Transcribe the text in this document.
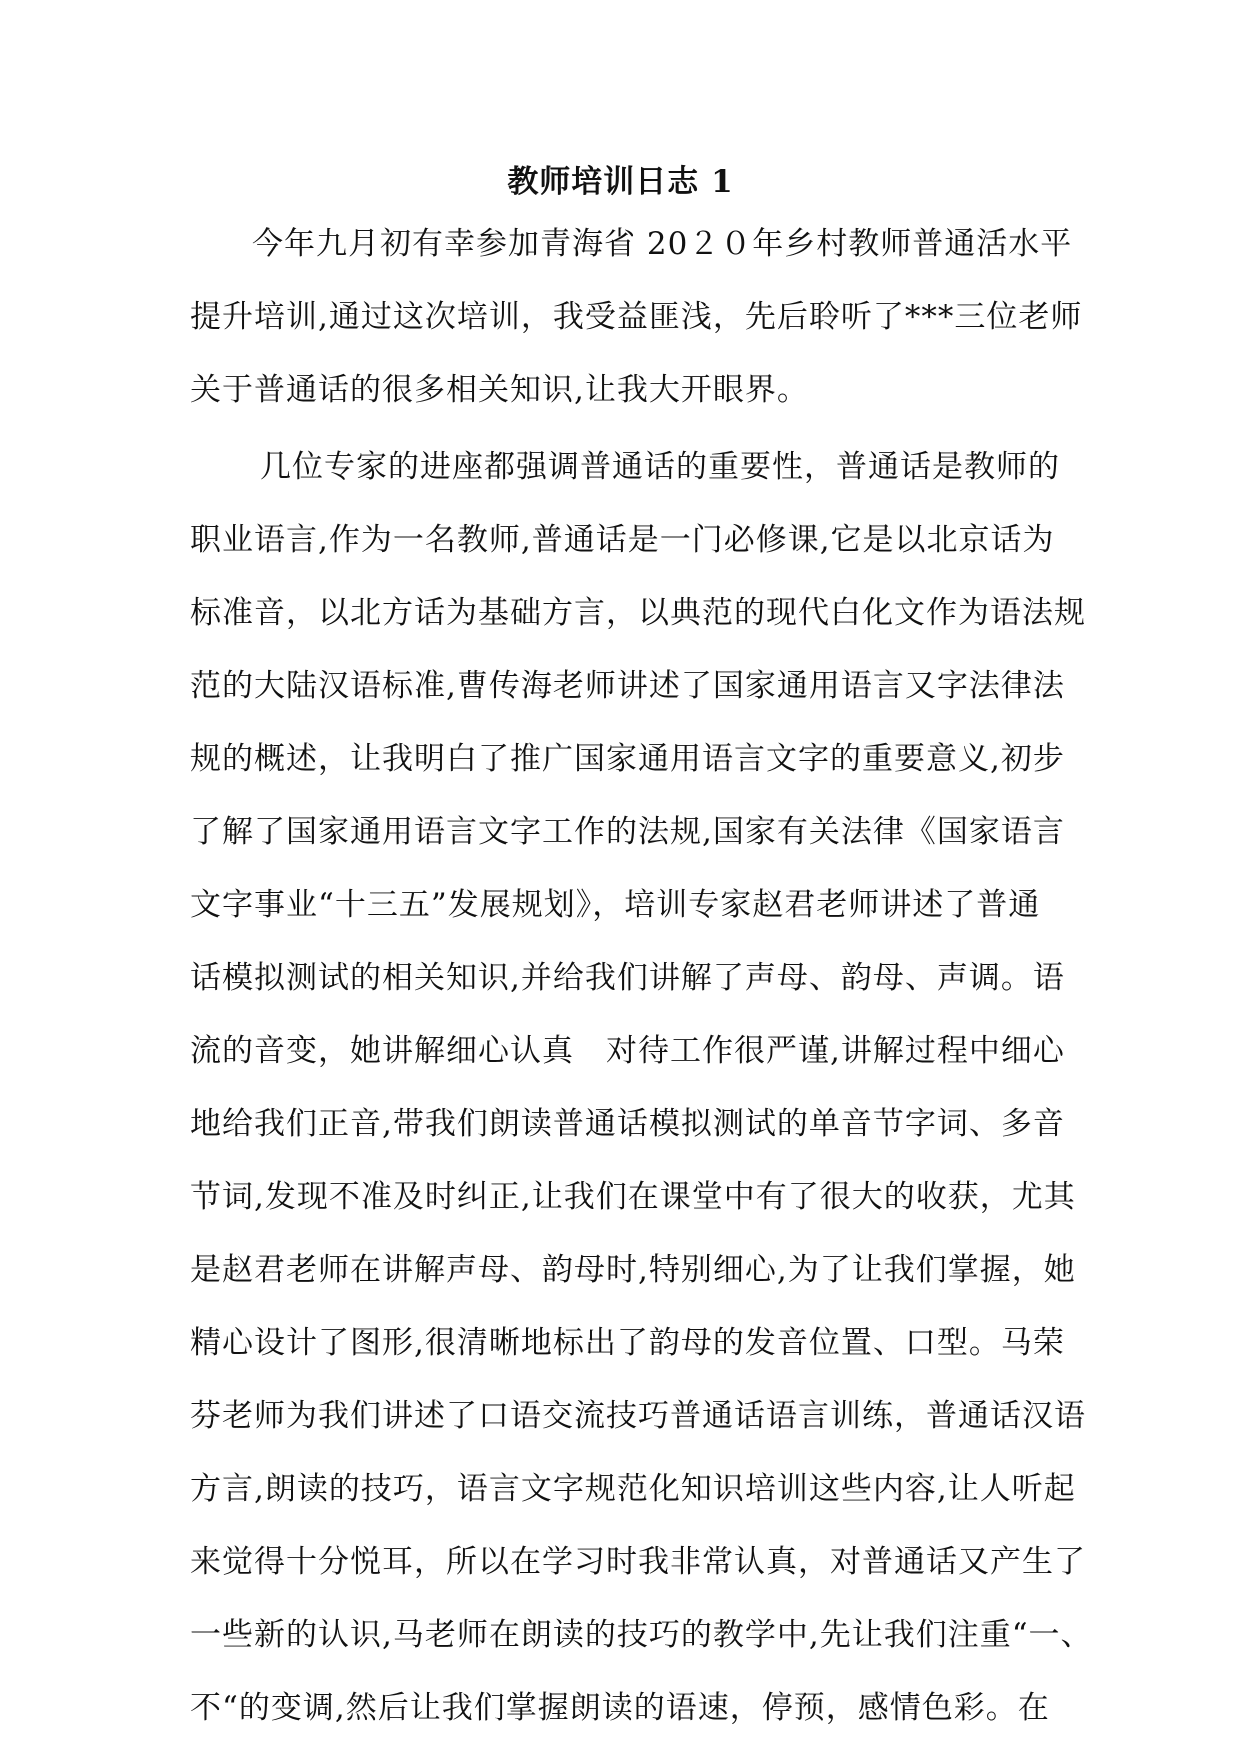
教师培训日志 1
今年九月初有幸参加青海省 20２０年乡村教师普通活水平
提升培训,通过这次培训，我受益匪浅，先后聆听了***三位老师
关于普通话的很多相关知识,让我大开眼界。
几位专家的进座都强调普通话的重要性，普通话是教师的
职业语言,作为一名教师,普通话是一门必修课,它是以北京话为
标准音，以北方话为基础方言，以典范的现代白化文作为语法规
范的大陆汉语标准,曹传海老师讲述了国家通用语言又字法律法
规的概述，让我明白了推广国家通用语言文字的重要意义,初步
了解了国家通用语言文字工作的法规,国家有关法律《国家语言
文字事业“十三五”发展规划》，培训专家赵君老师讲述了普通
话模拟测试的相关知识,并给我们讲解了声母、韵母、声调。语
流的音变，她讲解细心认真　对待工作很严谨,讲解过程中细心
地给我们正音,带我们朗读普通话模拟测试的单音节字词、多音
节词,发现不准及时纠正,让我们在课堂中有了很大的收获，尤其
是赵君老师在讲解声母、韵母时,特别细心,为了让我们掌握，她
精心设计了图形,很清晰地标出了韵母的发音位置、口型。马荣
芬老师为我们讲述了口语交流技巧普通话语言训练，普通话汉语
方言,朗读的技巧，语言文字规范化知识培训这些内容,让人听起
来觉得十分悦耳，所以在学习时我非常认真，对普通话又产生了
一些新的认识,马老师在朗读的技巧的教学中,先让我们注重“一、
不“的变调,然后让我们掌握朗读的语速，停预，感情色彩。在
